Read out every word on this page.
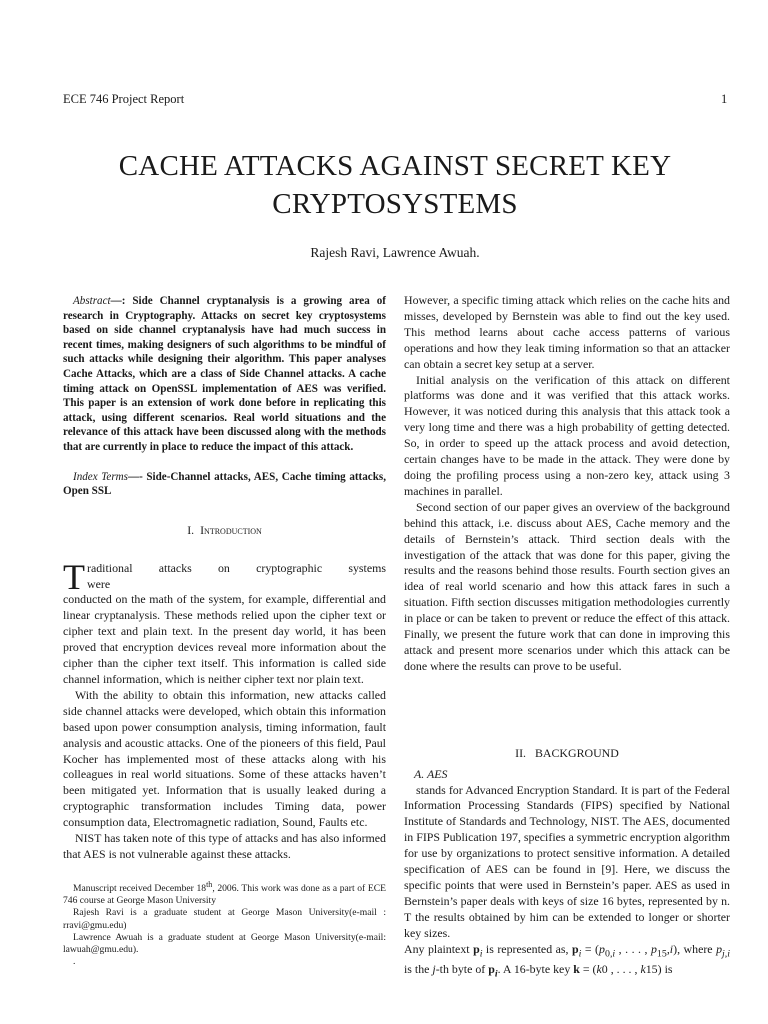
ECE 746 Project Report	1
CACHE ATTACKS AGAINST SECRET KEY
CRYPTOSYSTEMS
Rajesh Ravi, Lawrence Awuah.

Abstract—: Side Channel cryptanalysis is a growing area of research in Cryptography. Attacks on secret key cryptosystems based on side channel cryptanalysis have had much success in recent times, making designers of such algorithms to be mindful of such attacks while designing their algorithm. This paper analyses Cache Attacks, which are a class of Side Channel attacks. A cache timing attack on OpenSSL implementation of AES was verified. This paper is an extension of work done before in replicating this attack, using different scenarios. Real world situations and the relevance of this attack have been discussed along with the methods that are currently in place to reduce the impact of this attack.

Index Terms—- Side-Channel attacks, AES, Cache timing attacks, Open SSL

I. Introduction

Traditional attacks on cryptographic systems were
conducted on the math of the system, for example, differential and linear cryptanalysis. These methods relied upon the cipher text or cipher text and plain text. In the present day world, it has been proved that encryption devices reveal more information about the cipher than the cipher text itself. This information is called side channel information, which is neither cipher text nor plain text.

With the ability to obtain this information, new attacks called side channel attacks were developed, which obtain this information based upon power consumption analysis, timing information, fault analysis and acoustic attacks. One of the pioneers of this field, Paul Kocher has implemented most of these attacks along with his colleagues in real world situations. Some of these attacks haven’t been mitigated yet. Information that is usually leaked during a cryptographic transformation includes Timing data, power consumption data, Electromagnetic radiation, Sound, Faults etc.

NIST has taken note of this type of attacks and has also informed that AES is not vulnerable against these attacks.

Manuscript received December 18th, 2006. This work was done as a part of ECE 746 course at George Mason University

Rajesh Ravi is a graduate student at George Mason University(e-mail : rravi@gmu.edu)

Lawrence Awuah is a graduate student at George Mason University(e-mail: lawuah@gmu.edu).

.

However, a specific timing attack which relies on the cache hits and misses, developed by Bernstein was able to find out the key used. This method learns about cache access patterns of various operations and how they leak timing information so that an attacker can obtain a secret key setup at a server.

Initial analysis on the verification of this attack on different platforms was done and it was verified that this attack works. However, it was noticed during this analysis that this attack took a very long time and there was a high probability of getting detected. So, in order to speed up the attack process and avoid detection, certain changes have to be made in the attack. They were done by doing the profiling process using a non-zero key, attack using 3 machines in parallel.

Second section of our paper gives an overview of the background behind this attack, i.e. discuss about AES, Cache memory and the details of Bernstein’s attack. Third section deals with the investigation of the attack that was done for this paper, giving the results and the reasons behind those results. Fourth section gives an idea of real world scenario and how this attack fares in such a situation. Fifth section discusses mitigation methodologies currently in place or can be taken to prevent or reduce the effect of this attack. Finally, we present the future work that can done in improving this attack and present more scenarios under which this attack can be done where the results can prove to be useful.

II. BACKGROUND

A. AES

stands for Advanced Encryption Standard. It is part of the Federal Information Processing Standards (FIPS) specified by National Institute of Standards and Technology, NIST. The AES, documented in FIPS Publication 197, specifies a symmetric encryption algorithm for use by organizations to protect sensitive information. A detailed specification of AES can be found in [9]. Here, we discuss the specific points that were used in Bernstein’s paper. AES as used in Bernstein’s paper deals with keys of size 16 bytes, represented by n. T the results obtained by him can be extended to longer or shorter key sizes.

Any plaintext $p_i$ is represented as, $p_i = (p_{0,i}$ , . . . , $p_{15},i$), where $p_{j,i}$ is the j-th byte of $p_i$. A 16-byte key k = (k0 , . . . , k15) is
